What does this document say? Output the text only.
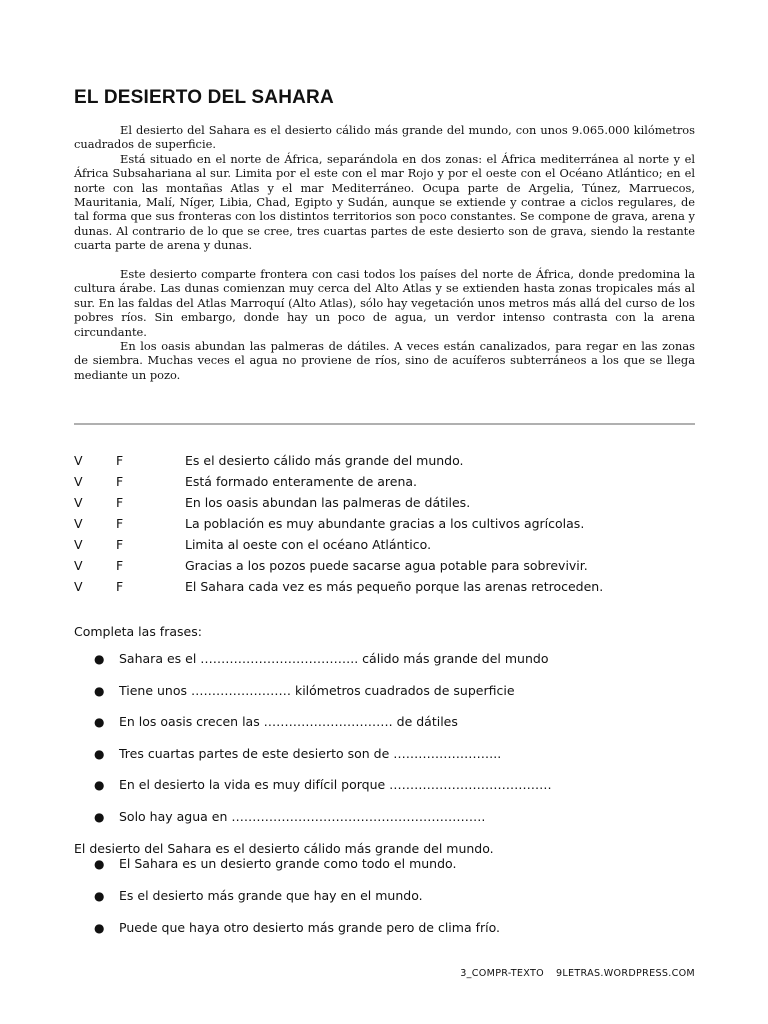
EL DESIERTO DEL SAHARA

El desierto del Sahara es el desierto cálido más grande del mundo, con unos 9.065.000 kilómetros cuadrados de superficie.

Está situado en el norte de África, separándola en dos zonas: el África mediterránea al norte y el África Subsahariana al sur. Limita por el este con el mar Rojo y por el oeste con el Océano Atlántico; en el norte con las montañas Atlas y el mar Mediterráneo. Ocupa parte de Argelia, Túnez, Marruecos, Mauritania, Malí, Níger, Libia, Chad, Egipto y Sudán, aunque se extiende y contrae a ciclos regulares, de tal forma que sus fronteras con los distintos territorios son poco constantes. Se compone de grava, arena y dunas. Al contrario de lo que se cree, tres cuartas partes de este desierto son de grava, siendo la restante cuarta parte de arena y dunas.

Este desierto comparte frontera con casi todos los países del norte de África, donde predomina la cultura árabe. Las dunas comienzan muy cerca del Alto Atlas y se extienden hasta zonas tropicales más al sur. En las faldas del Atlas Marroquí (Alto Atlas), sólo hay vegetación unos metros más allá del curso de los pobres ríos. Sin embargo, donde hay un poco de agua, un verdor intenso contrasta con la arena circundante.

En los oasis abundan las palmeras de dátiles. A veces están canalizados, para regar en las zonas de siembra. Muchas veces el agua no proviene de ríos, sino de acuíferos subterráneos a los que se llega mediante un pozo.

V	F	Es el desierto cálido más grande del mundo.
V	F	Está formado enteramente de arena.
V	F	En los oasis abundan las palmeras de dátiles.
V	F	La población es muy abundante gracias a los cultivos agrícolas.
V	F	Limita al oeste con el océano Atlántico.
V	F	Gracias a los pozos puede sacarse agua potable para sobrevivir.
V	F	El Sahara cada vez es más pequeño porque las arenas retroceden.
Completa las frases:
● Sahara es el ……………………………….. cálido más grande del mundo
● Tiene unos …………………… kilómetros cuadrados de superficie
● En los oasis crecen las …………………………. de dátiles
● Tres cuartas partes de este desierto son de ……………………..
● En el desierto la vida es muy difícil porque …………………………………
● Solo hay agua en …………………………………………………….
El desierto del Sahara es el desierto cálido más grande del mundo.
● El Sahara es un desierto grande como todo el mundo.
● Es el desierto más grande que hay en el mundo.
● Puede que haya otro desierto más grande pero de clima frío.
3_COMPR-TEXTO 9LETRAS.WORDPRESS.COM
